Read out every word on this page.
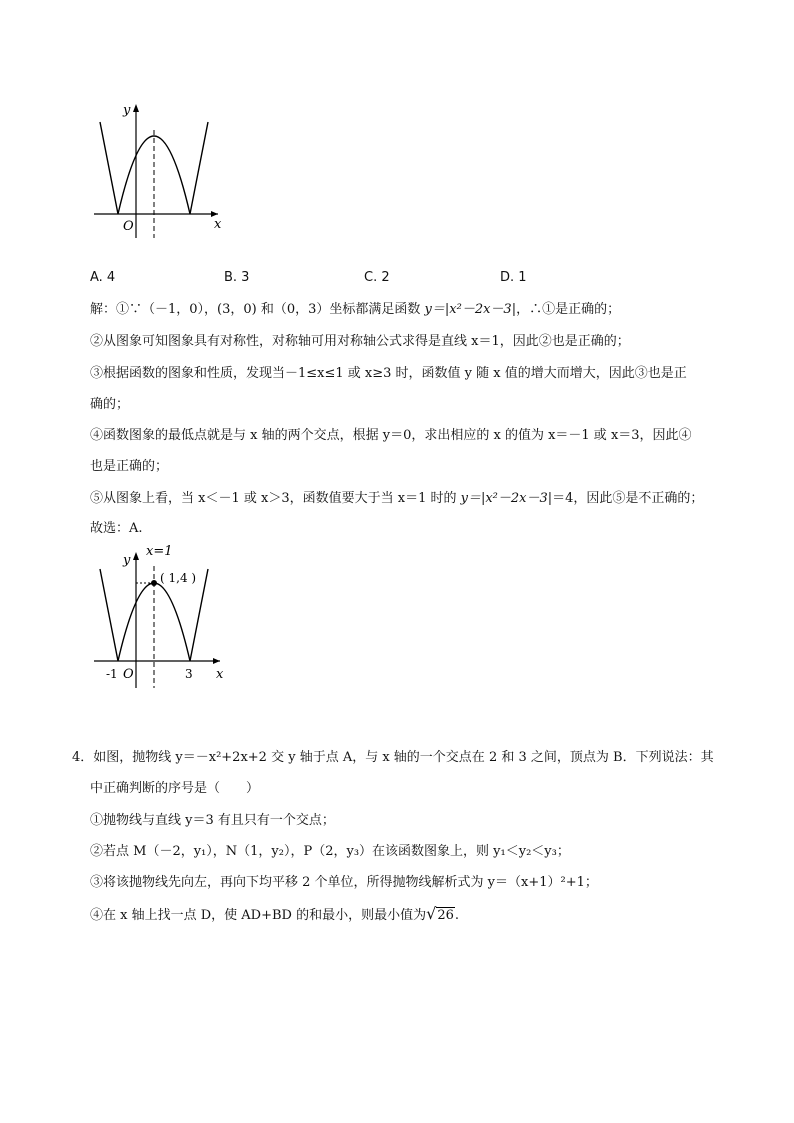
y
x
O
A. 4	B. 3	C. 2	D. 1
解：①∵（－1，0），(3，0) 和（0，3）坐标都满足函数 y＝|x²－2x－3|，∴①是正确的；
②从图象可知图象具有对称性，对称轴可用对称轴公式求得是直线 x＝1，因此②也是正确的；
③根据函数的图象和性质，发现当－1≤x≤1 或 x≥3 时，函数值 y 随 x 值的增大而增大，因此③也是正
确的；
④函数图象的最低点就是与 x 轴的两个交点，根据 y＝0，求出相应的 x 的值为 x＝－1 或 x＝3，因此④
也是正确的；
⑤从图象上看，当 x＜－1 或 x＞3，函数值要大于当 x＝1 时的 y＝|x²－2x－3|＝4，因此⑤是不正确的；
故选：A.
x=1
y
( 1,4 )
x
-1 O	3
4．如图，抛物线 y＝－x²+2x+2 交 y 轴于点 A，与 x 轴的一个交点在 2 和 3 之间，顶点为 B．下列说法：其
中正确判断的序号是（　　）
①抛物线与直线 y＝3 有且只有一个交点；
②若点 M（－2，y₁），N（1，y₂），P（2，y₃）在该函数图象上，则 y₁＜y₂＜y₃；
③将该抛物线先向左，再向下均平移 2 个单位，所得抛物线解析式为 y＝（x+1）²+1；
④在 x 轴上找一点 D，使 AD+BD 的和最小，则最小值为√26.
